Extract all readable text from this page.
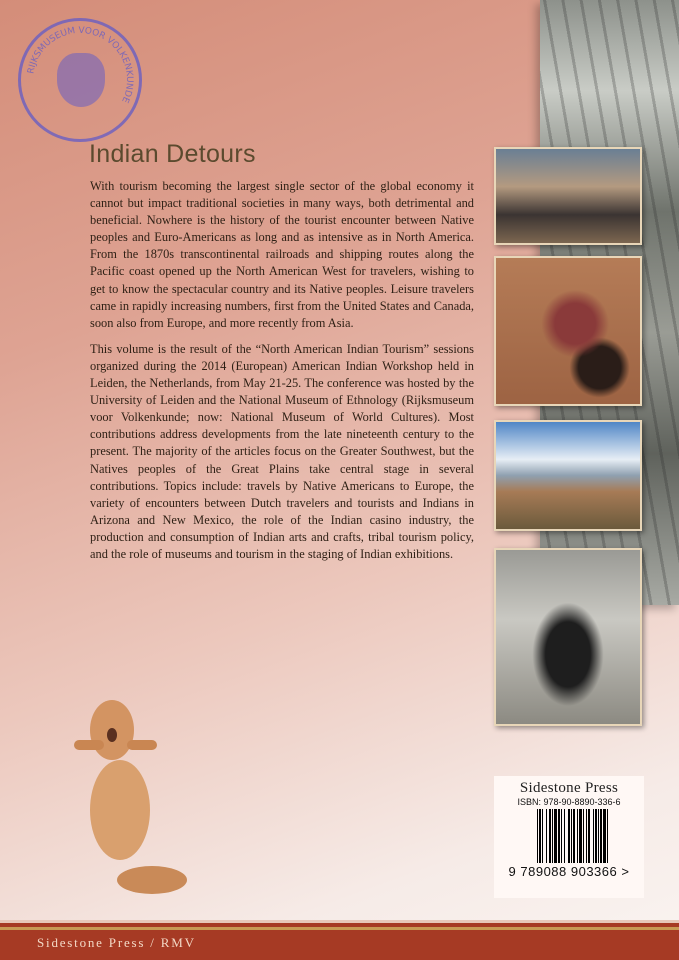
RIJKSMUSEUM VOOR VOLKENKUNDE
Indian Detours

With tourism becoming the largest single sector of the global economy it cannot but impact traditional societies in many ways, both detrimental and beneficial. Nowhere is the history of the tourist encounter between Native peoples and Euro-Americans as long and as intensive as in North America. From the 1870s transcontinental railroads and shipping routes along the Pacific coast opened up the North American West for travelers, wishing to get to know the spectacular country and its Native peoples. Leisure travelers came in rapidly increasing numbers, first from the United States and Canada, soon also from Europe, and more recently from Asia.

This volume is the result of the “North American Indian Tourism” sessions organized during the 2014 (European) American Indian Workshop held in Leiden, the Netherlands, from May 21-25. The conference was hosted by the University of Leiden and the National Museum of Ethnology (Rijksmuseum voor Volkenkunde; now: National Museum of World Cultures). Most contributions address developments from the late nineteenth century to the present. The majority of the articles focus on the Greater Southwest, but the Natives peoples of the Great Plains take central stage in several contributions. Topics include: travels by Native Americans to Europe, the variety of encounters between Dutch travelers and tourists and Indians in Arizona and New Mexico, the role of the Indian casino industry, the production and consumption of Indian arts and crafts, tribal tourism policy, and the role of museums and tourism in the staging of Indian exhibitions.

Sidestone Press
ISBN: 978-90-8890-336-6
9 789088 903366 >
Sidestone Press / RMV
